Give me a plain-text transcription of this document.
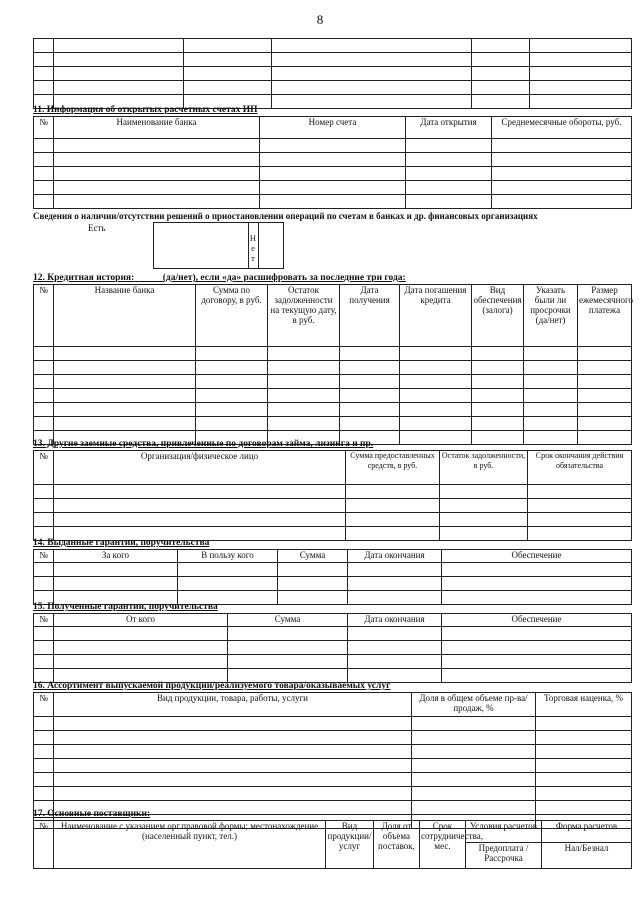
8

11. Информация об открытых расчетных счетах ИП
№	Наименование банка	Номер счета	Дата открытия	Среднемесячные обороты, руб.

Сведения о наличии/отсутствии решений о приостановлении операций по счетам в банках и др. финансовых организациях
Есть		Н е т	
12. Кредитная история:	(да/нет), если «да» расшифровать за последние три года:
№	Название банка	Сумма по договору, в руб.	Остаток задолженности на текущую дату, в руб.	Дата получения	Дата погашения кредита	Вид обеспечения (залога)	Указать были ли просрочки (да/нет)	Размер ежемесячного платежа

13. Другие заемные средства, привлеченные по договорам займа, лизинга и пр.
№	Организация/физическое лицо	Сумма предоставленных средств, в руб.	Остаток задолженности, в руб.	Срок окончания действия обязательства

14. Выданные гарантии, поручительства
№	За кого	В пользу кого	Сумма	Дата окончания	Обеспечение

15. Полученные гарантии, поручительства
№	От кого	Сумма	Дата окончания	Обеспечение

16. Ассортимент выпускаемой продукции/реализуемого товара/оказываемых услуг
№	Вид продукции, товара, работы, услуги	Доля в общем объеме пр-ва/продаж, %	Торговая наценка, %

17. Основные поставщики:
№	Наименование с указанием орг.правовой формы; местонахождение (населенный пункт, тел.)	Вид продукции/услуг	Доля от объема поставок,	Срок сотрудничества, мес.	Условия расчетов	Форма расчетов
					Предоплата / Рассрочка	Нал/Безнал
